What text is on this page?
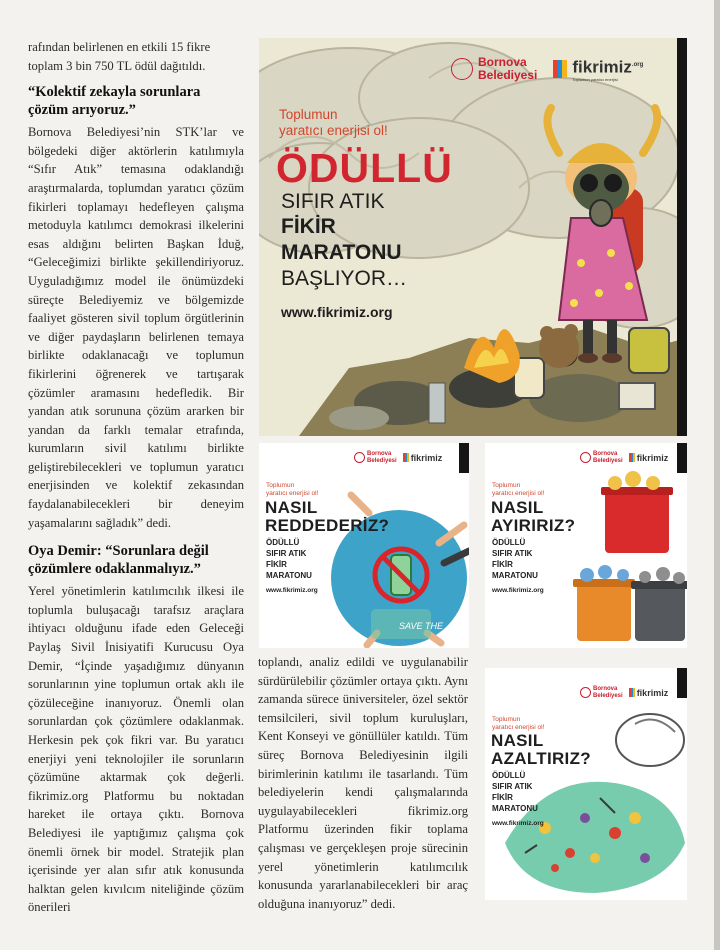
rafından belirlenen en etkili 15 fikre

toplam 3 bin 750 TL ödül dağıtıldı.

“Kolektif zekayla sorunlara çözüm arıyoruz.”

Bornova Belediyesi’nin STK’lar ve bölgedeki diğer aktörlerin katılımıyla “Sıfır Atık” temasına odaklandığı araştırmalarda, toplumdan yaratıcı çözüm fikirleri toplamayı hedefleyen çalışma metoduyla katılımcı demokrasi ilkelerini esas aldığını belirten Başkan İduğ, “Geleceğimizi birlikte şekillendiriyoruz. Uyguladığımız model ile önümüzdeki süreçte Belediyemiz ve bölgemizde faaliyet gösteren sivil toplum örgütlerinin ve diğer paydaşların belirlenen temaya birlikte odaklanacağı ve toplumun fikirlerini öğrenerek ve tartışarak çözümler aramasını hedefledik. Bir yandan atık sorununa çözüm ararken bir yandan da farklı temalar etrafında, kurumların sivil katılımı birlikte geliştirebilecekleri ve toplumun yaratıcı enerjisinden ve kolektif zekasından faydalanabilecekleri bir deneyim yaşamalarını sağladık” dedi.

Oya Demir: “Sorunlara değil çözümlere odaklanmalıyız.”

Yerel yönetimlerin katılımcılık ilkesi ile toplumla buluşacağı tarafsız araçlara ihtiyacı olduğunu ifade eden Geleceği Paylaş Sivil İnisiyatifi Kurucusu Oya Demir, “İçinde yaşadığımız dünyanın sorunlarının yine toplumun ortak aklı ile çözüleceğine inanıyoruz. Önemli olan sorunlardan çok çözümlere odaklanmak. Herkesin pek çok fikri var. Bu yaratıcı enerjiyi yeni teknolojiler ile sorunların çözümüne aktarmak çok değerli. fikrimiz.org Platformu bu noktadan hareket ile ortaya çıktı. Bornova Belediyesi ile yaptığımız çalışma çok önemli örnek bir model. Stratejik plan içerisinde yer alan sıfır atık konusunda halktan gelen kıvılcım niteliğinde çözüm önerileri

toplandı, analiz edildi ve uygulanabilir sürdürülebilir çözümler ortaya çıktı. Aynı zamanda sürece üniversiteler, özel sektör temsilcileri, sivil toplum kuruluşları, Kent Konseyi ve gönüllüler katıldı. Tüm süreç Bornova Belediyesinin ilgili birimlerinin katılımı ile tasarlandı. Tüm belediyelerin kendi çalışmalarında uygulayabilecekleri fikrimiz.org Platformu üzerinden fikir toplama çalışması ve gerçekleşen proje sürecinin yerel yönetimlerin katılımcılık konusunda yararlanabilecekleri bir araç olduğuna inanıyoruz” dedi.

Bornova
Belediyesi fikrimiz$^{.org}$

Toplumun yaratıcı enerjisi
Toplumun
yaratıcı enerjisi ol!
ÖDÜLLÜ
SIFIR ATIK
FİKİR
MARATONU
BAŞLIYOR…
www.fikrimiz.org
Bornova
Belediyesi fikrimiz
Toplumun
yaratıcı enerjisi ol!
NASIL
REDDEDERİZ?
ÖDÜLLÜ
SIFIR ATIK
FİKİR
MARATONU
www.fikrimiz.org
SAVE THE
Bornova
Belediyesi fikrimiz
Toplumun
yaratıcı enerjisi ol!
NASIL
AYIRIRIZ?
ÖDÜLLÜ
SIFIR ATIK
FİKİR
MARATONU
www.fikrimiz.org
Bornova
Belediyesi fikrimiz
Toplumun
yaratıcı enerjisi ol!
NASIL
AZALTIRIZ?
ÖDÜLLÜ
SIFIR ATIK
FİKİR
MARATONU
www.fikrimiz.org
